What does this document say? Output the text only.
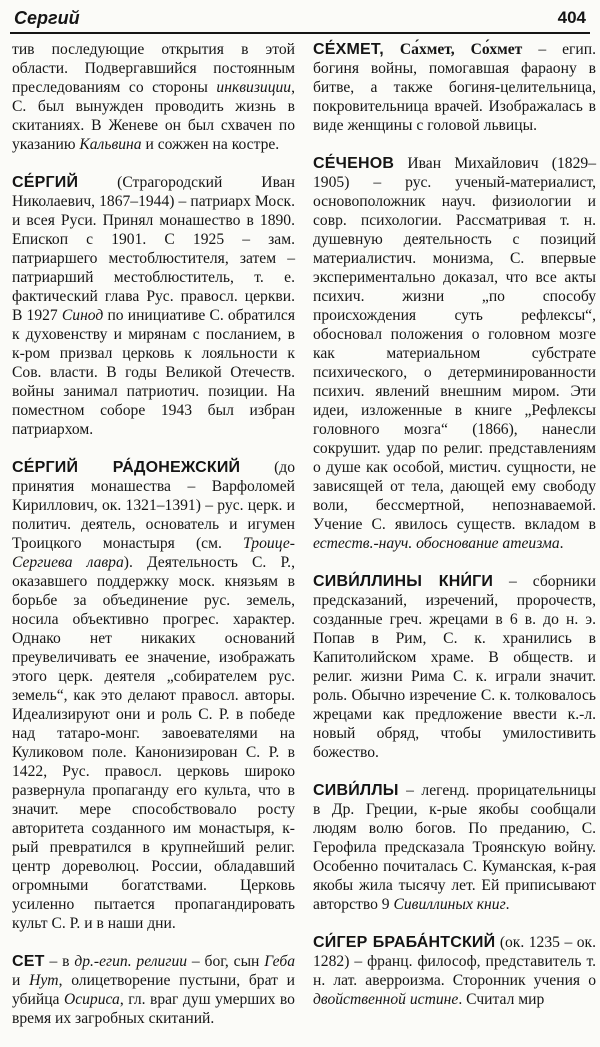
Сергий	404

тив последующие открытия в этой области. Подвергавшийся постоянным преследованиям со стороны инквизиции, С. был вынужден проводить жизнь в скитаниях. В Женеве он был схвачен по указанию Кальвина и сожжен на костре.

СЕ́РГИЙ (Страгородский Иван Николаевич, 1867–1944) – патриарх Моск. и всея Руси. Принял монашество в 1890. Епископ с 1901. С 1925 – зам. патриаршего местоблюстителя, затем – патриарший местоблюститель, т. е. фактический глава Рус. правосл. церкви. В 1927 Синод по инициативе С. обратился к духовенству и мирянам с посланием, в к-ром призвал церковь к лояльности к Сов. власти. В годы Великой Отечеств. войны занимал патриотич. позиции. На поместном соборе 1943 был избран патриархом.

СЕ́РГИЙ РА́ДОНЕЖСКИЙ (до принятия монашества – Варфоломей Кириллович, ок. 1321–1391) – рус. церк. и политич. деятель, основатель и игумен Троицкого монастыря (см. Троице-Сергиева лавра). Деятельность С. Р., оказавшего поддержку моск. князьям в борьбе за объединение рус. земель, носила объективно прогрес. характер. Однако нет никаких оснований преувеличивать ее значение, изображать этого церк. деятеля „собирателем рус. земель“, как это делают правосл. авторы. Идеализируют они и роль С. Р. в победе над татаро-монг. завоевателями на Куликовом поле. Канонизирован С. Р. в 1422, Рус. правосл. церковь широко развернула пропаганду его культа, что в значит. мере способствовало росту авторитета созданного им монастыря, к-рый превратился в крупнейший религ. центр дореволюц. России, обладавший огромными богатствами. Церковь усиленно пытается пропагандировать культ С. Р. и в наши дни.

СЕТ – в др.-егип. религии – бог, сын Геба и Нут, олицетворение пустыни, брат и убийца Осириса, гл. враг душ умерших во время их загробных скитаний.

СЕ́ХМЕТ, Са́хмет, Со́хмет – егип. богиня войны, помогавшая фараону в битве, а также богиня-целительница, покровительница врачей. Изображалась в виде женщины с головой львицы.

СЕ́ЧЕНОВ Иван Михайлович (1829–1905) – рус. ученый-материалист, основоположник науч. физиологии и совр. психологии. Рассматривая т. н. душевную деятельность с позиций материалистич. монизма, С. впервые экспериментально доказал, что все акты психич. жизни „по способу происхождения суть рефлексы“, обосновал положения о головном мозге как материальном субстрате психического, о детерминированности психич. явлений внешним миром. Эти идеи, изложенные в книге „Рефлексы головного мозга“ (1866), нанесли сокрушит. удар по религ. представлениям о душе как особой, мистич. сущности, не зависящей от тела, дающей ему свободу воли, бессмертной, непознаваемой. Учение С. явилось существ. вкладом в естеств.-науч. обоснование атеизма.

СИВИ́ЛЛИНЫ КНИ́ГИ – сборники предсказаний, изречений, пророчеств, созданные греч. жрецами в 6 в. до н. э. Попав в Рим, С. к. хранились в Капитолийском храме. В обществ. и религ. жизни Рима С. к. играли значит. роль. Обычно изречение С. к. толковалось жрецами как предложение ввести к.-л. новый обряд, чтобы умилостивить божество.

СИВИ́ЛЛЫ – легенд. прорицательницы в Др. Греции, к-рые якобы сообщали людям волю богов. По преданию, С. Герофила предсказала Троянскую войну. Особенно почиталась С. Куманская, к-рая якобы жила тысячу лет. Ей приписывают авторство 9 Сивиллиных книг.

СИ́ГЕР БРАБА́НТСКИЙ (ок. 1235 – ок. 1282) – франц. философ, представитель т. н. лат. аверроизма. Сторонник учения о двойственной истине. Считал мир
